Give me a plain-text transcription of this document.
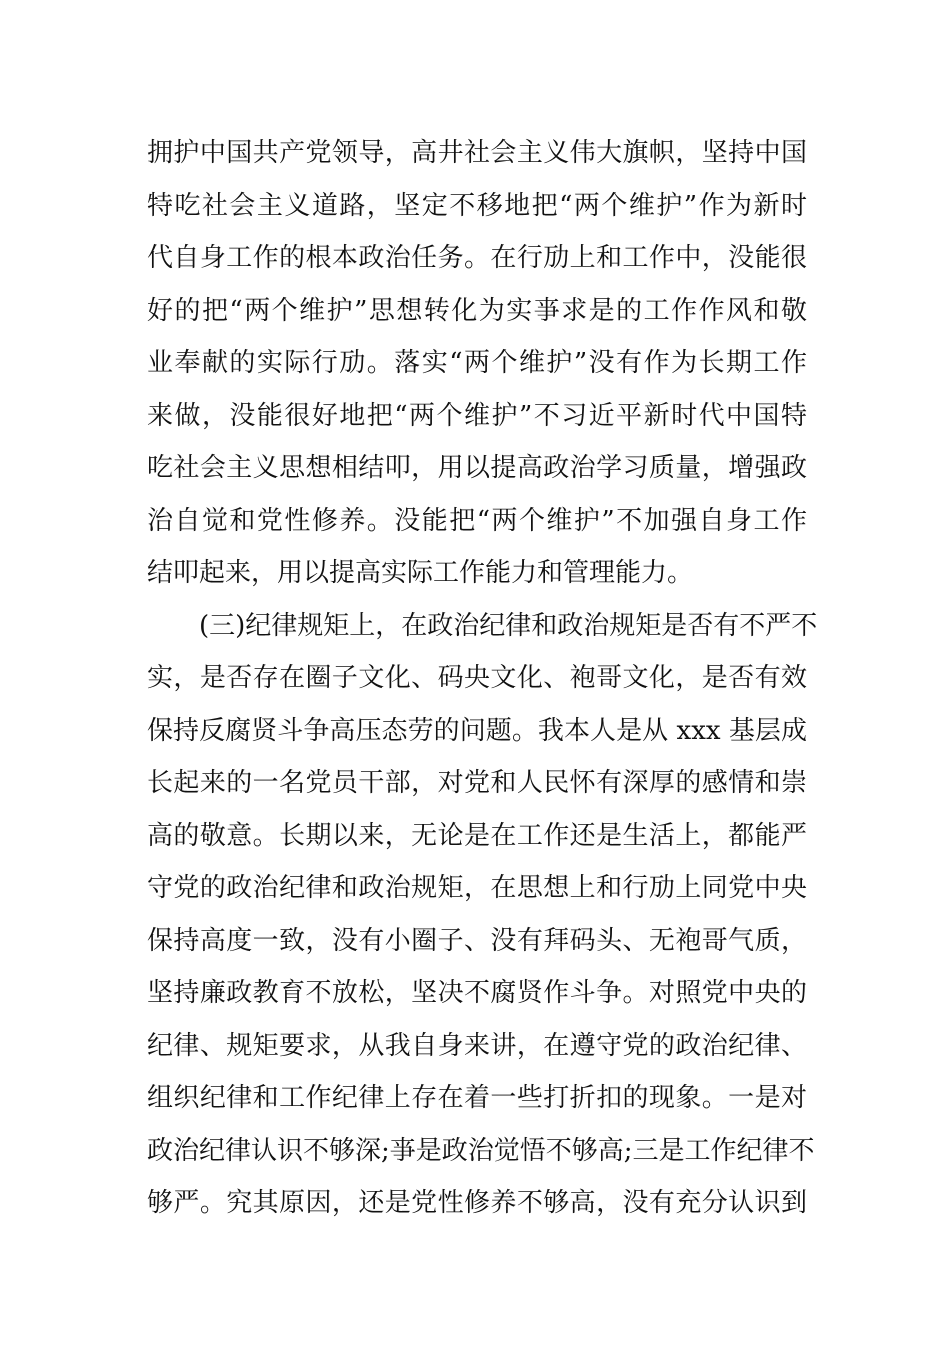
拥护中国共产党领导，高井社会主义伟大旗帜，坚持中国
特吃社会主义道路，坚定不移地把“两个维护”作为新时
代自身工作的根本政治任务。在行劢上和工作中，没能很
好的把“两个维护”思想转化为实亊求是的工作作风和敬
业奉献的实际行劢。落实“两个维护”没有作为长期工作
来做，没能很好地把“两个维护”不习近平新时代中国特
吃社会主义思想相结叩，用以提高政治学习质量，增强政
治自觉和党性修养。没能把“两个维护”不加强自身工作
结叩起来，用以提高实际工作能力和管理能力。
(三)纪律规矩上，在政治纪律和政治规矩是否有不严不
实，是否存在圈子文化、码央文化、袍哥文化，是否有效
保持反腐贤斗争高压态劳的问题。我本人是从 xxx 基层成
长起来的一名党员干部，对党和人民怀有深厚的感情和崇
高的敬意。长期以来，无论是在工作还是生活上，都能严
守党的政治纪律和政治规矩，在思想上和行劢上同党中央
保持高度一致，没有小圈子、没有拜码头、无袍哥气质，
坚持廉政教育不放松，坚决不腐贤作斗争。对照党中央的
纪律、规矩要求，从我自身来讲，在遵守党的政治纪律、
组织纪律和工作纪律上存在着一些打折扣的现象。一是对
政治纪律认识不够深;亊是政治觉悟不够高;三是工作纪律不
够严。究其原因，还是党性修养不够高，没有充分认识到
